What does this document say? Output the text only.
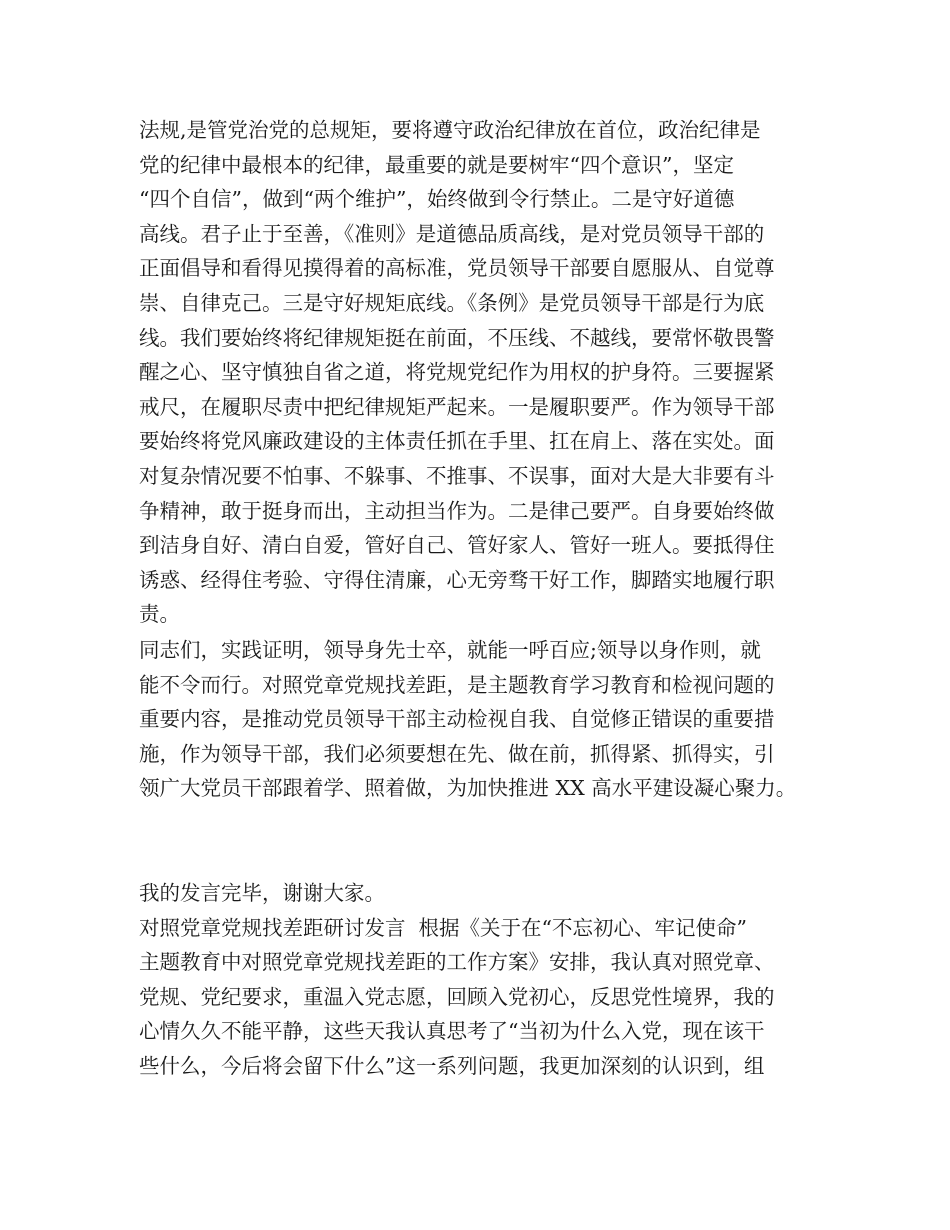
法规,是管党治党的总规矩，要将遵守政治纪律放在首位，政治纪律是
党的纪律中最根本的纪律，最重要的就是要树牢“四个意识”，坚定
“四个自信”，做到“两个维护”，始终做到令行禁止。二是守好道德
高线。君子止于至善，《准则》是道德品质高线，是对党员领导干部的
正面倡导和看得见摸得着的高标准，党员领导干部要自愿服从、自觉尊
崇、自律克己。三是守好规矩底线。《条例》是党员领导干部是行为底
线。我们要始终将纪律规矩挺在前面，不压线、不越线，要常怀敬畏警
醒之心、坚守慎独自省之道，将党规党纪作为用权的护身符。三要握紧
戒尺，在履职尽责中把纪律规矩严起来。一是履职要严。作为领导干部
要始终将党风廉政建设的主体责任抓在手里、扛在肩上、落在实处。面
对复杂情况要不怕事、不躲事、不推事、不误事，面对大是大非要有斗
争精神，敢于挺身而出，主动担当作为。二是律己要严。自身要始终做
到洁身自好、清白自爱，管好自己、管好家人、管好一班人。要抵得住
诱惑、经得住考验、守得住清廉，心无旁骛干好工作，脚踏实地履行职
责。
同志们，实践证明，领导身先士卒，就能一呼百应;领导以身作则，就
能不令而行。对照党章党规找差距，是主题教育学习教育和检视问题的
重要内容，是推动党员领导干部主动检视自我、自觉修正错误的重要措
施，作为领导干部，我们必须要想在先、做在前，抓得紧、抓得实，引
领广大党员干部跟着学、照着做，为加快推进 XX 高水平建设凝心聚力。
我的发言完毕，谢谢大家。
对照党章党规找差距研讨发言  根据《关于在“不忘初心、牢记使命”
主题教育中对照党章党规找差距的工作方案》安排，我认真对照党章、
党规、党纪要求，重温入党志愿，回顾入党初心，反思党性境界，我的
心情久久不能平静，这些天我认真思考了“当初为什么入党，现在该干
些什么，今后将会留下什么”这一系列问题，我更加深刻的认识到，组
